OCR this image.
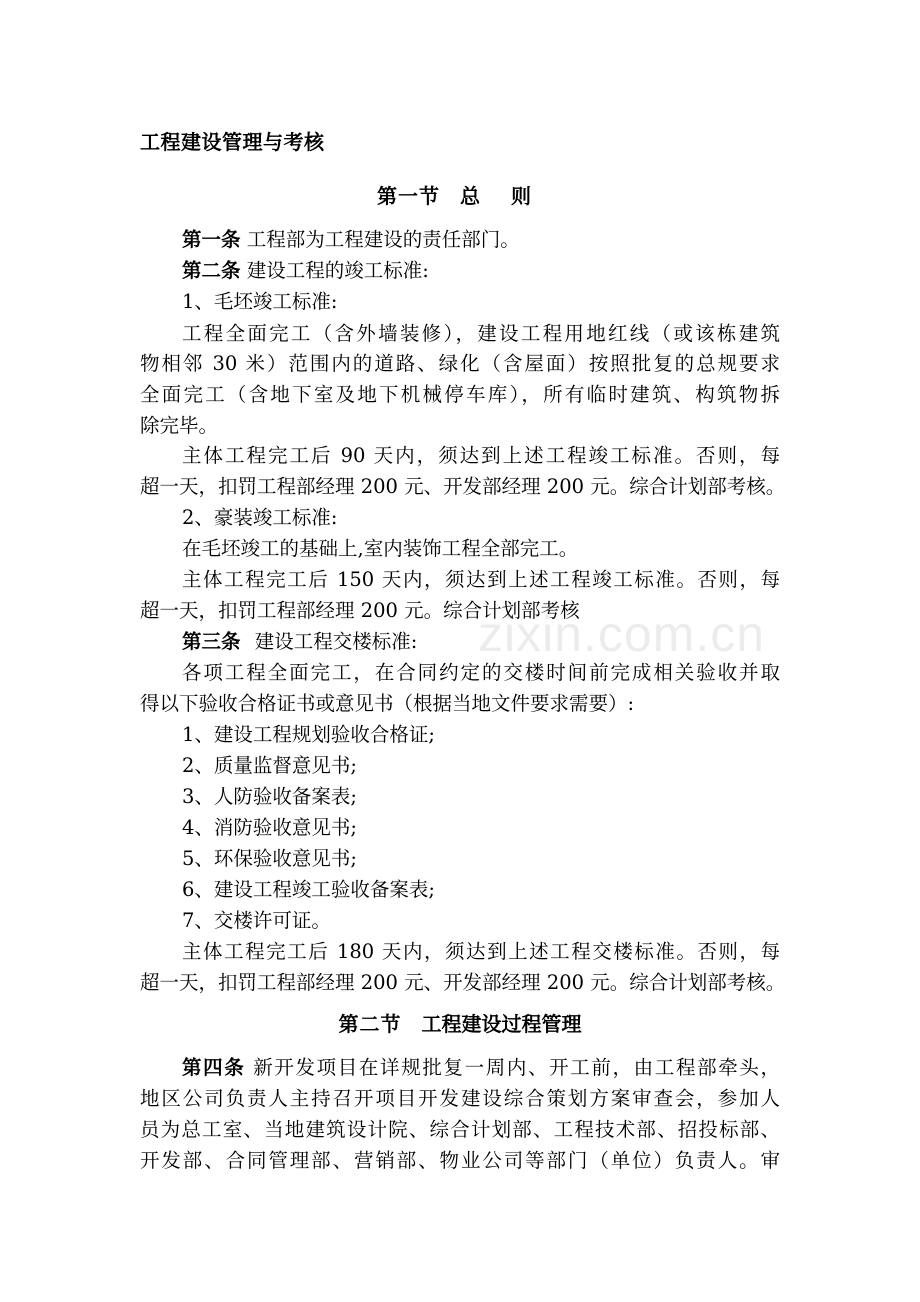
工程建设管理与考核
第一节 总 则
第一条 工程部为工程建设的责任部门。
第二条 建设工程的竣工标准:
1、毛坯竣工标准:
工程全面完工（含外墙装修），建设工程用地红线（或该栋建筑
物相邻 30 米）范围内的道路、绿化（含屋面）按照批复的总规要求
全面完工（含地下室及地下机械停车库），所有临时建筑、构筑物拆
除完毕。
主体工程完工后 90 天内，须达到上述工程竣工标准。否则，每
超一天，扣罚工程部经理 200 元、开发部经理 200 元。综合计划部考核。
2、豪装竣工标准:
在毛坯竣工的基础上,室内装饰工程全部完工。
主体工程完工后 150 天内，须达到上述工程竣工标准。否则，每
超一天，扣罚工程部经理 200 元。综合计划部考核
第三条 建设工程交楼标准:
各项工程全面完工，在合同约定的交楼时间前完成相关验收并取
得以下验收合格证书或意见书（根据当地文件要求需要）:
1、建设工程规划验收合格证;
2、质量监督意见书;
3、人防验收备案表;
4、消防验收意见书;
5、环保验收意见书;
6、建设工程竣工验收备案表;
7、交楼许可证。
主体工程完工后 180 天内，须达到上述工程交楼标准。否则，每
超一天，扣罚工程部经理 200 元、开发部经理 200 元。综合计划部考核。
第二节 工程建设过程管理
第四条 新开发项目在详规批复一周内、开工前，由工程部牵头，
地区公司负责人主持召开项目开发建设综合策划方案审查会，参加人
员为总工室、当地建筑设计院、综合计划部、工程技术部、招投标部、
开发部、合同管理部、营销部、物业公司等部门（单位）负责人。审
zixin.com.cn
